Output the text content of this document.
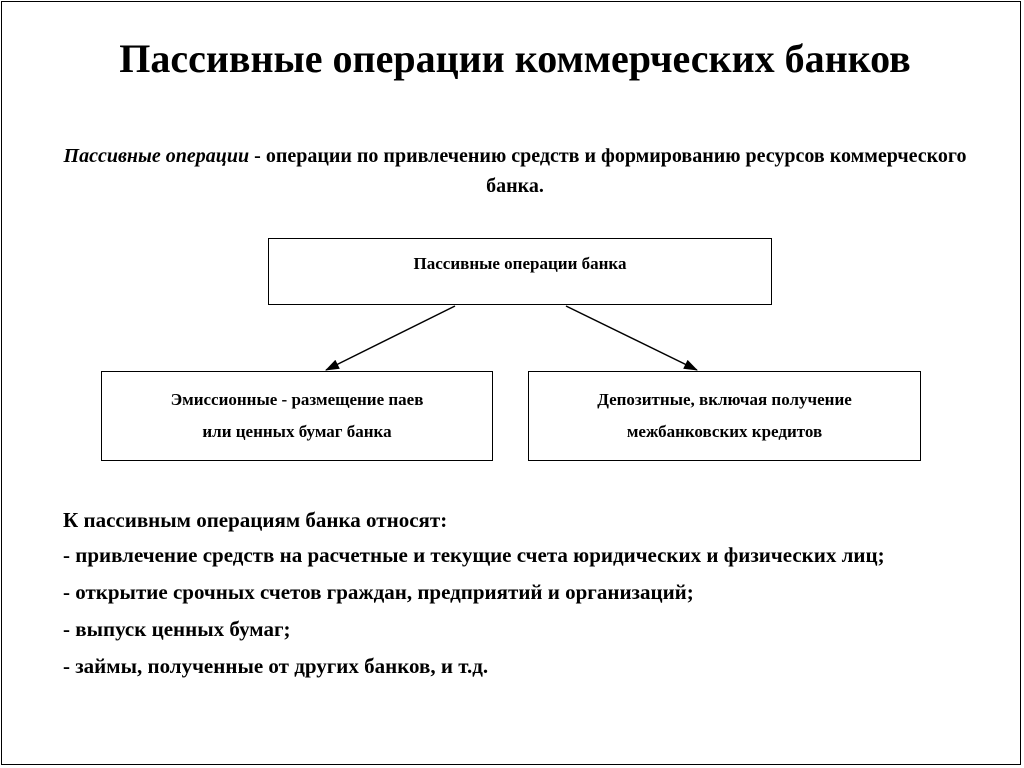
Пассивные операции коммерческих банков
Пассивные операции - операции по привлечению средств и формированию ресурсов коммерческого банка.
Пассивные операции банка
Эмиссионные - размещение паев
или ценных бумаг банка
Депозитные, включая получение
межбанковских кредитов
К пассивным операциям банка относят:
- привлечение средств на расчетные и текущие счета юридических и физических лиц;
- открытие срочных счетов граждан, предприятий и организаций;
- выпуск ценных бумаг;
- займы, полученные от других банков, и т.д.
